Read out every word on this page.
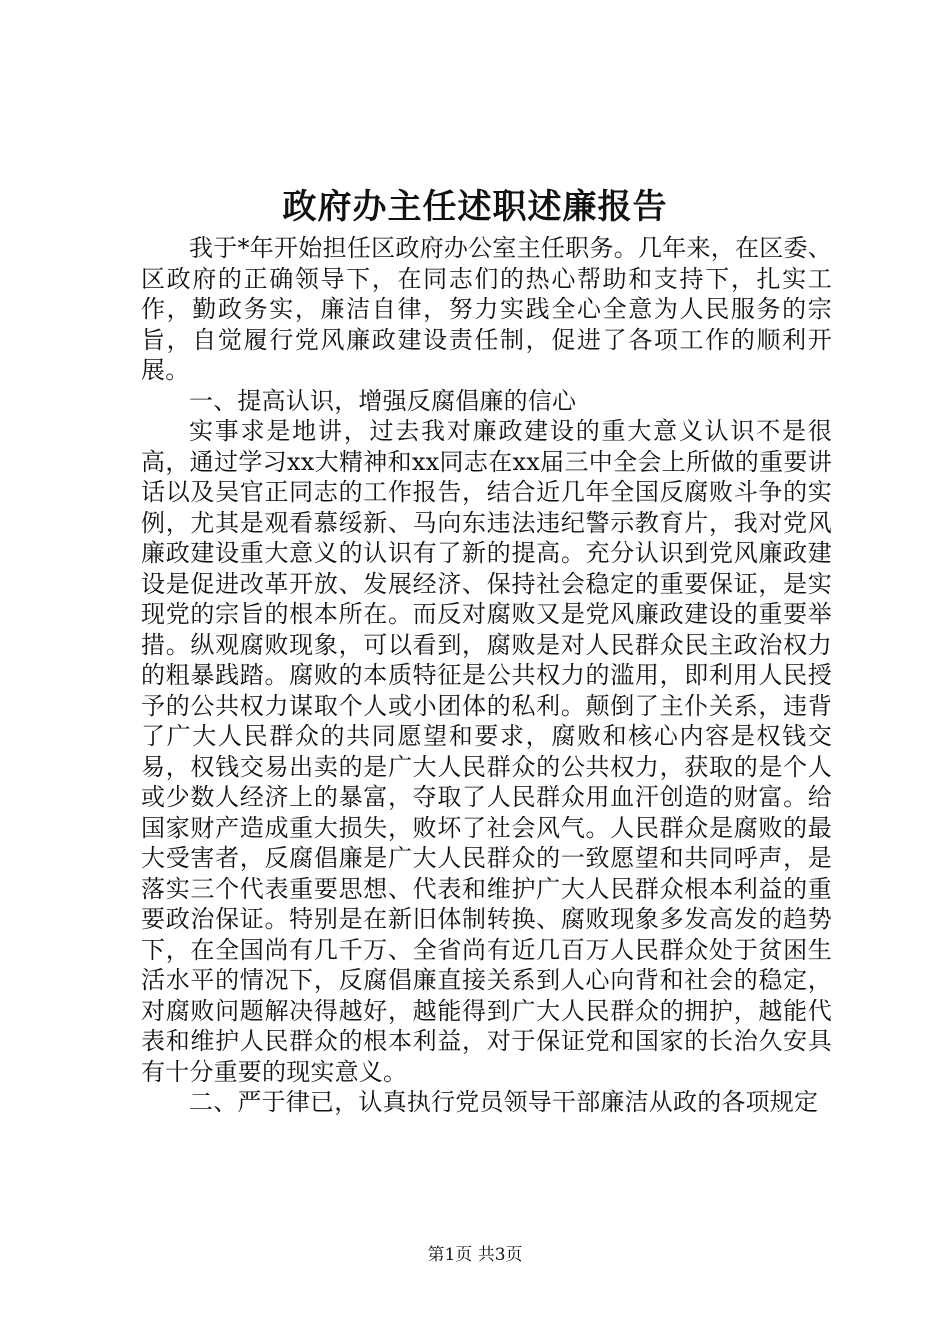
政府办主任述职述廉报告

我于*年开始担任区政府办公室主任职务。几年来，在区委、区政府的正确领导下，在同志们的热心帮助和支持下，扎实工作，勤政务实，廉洁自律，努力实践全心全意为人民服务的宗旨，自觉履行党风廉政建设责任制，促进了各项工作的顺利开展。

一、提高认识，增强反腐倡廉的信心

实事求是地讲，过去我对廉政建设的重大意义认识不是很高，通过学习xx大精神和xx同志在xx届三中全会上所做的重要讲话以及吴官正同志的工作报告，结合近几年全国反腐败斗争的实例，尤其是观看慕绥新、马向东违法违纪警示教育片，我对党风廉政建设重大意义的认识有了新的提高。充分认识到党风廉政建设是促进改革开放、发展经济、保持社会稳定的重要保证，是实现党的宗旨的根本所在。而反对腐败又是党风廉政建设的重要举措。纵观腐败现象，可以看到，腐败是对人民群众民主政治权力的粗暴践踏。腐败的本质特征是公共权力的滥用，即利用人民授予的公共权力谋取个人或小团体的私利。颠倒了主仆关系，违背了广大人民群众的共同愿望和要求，腐败和核心内容是权钱交易，权钱交易出卖的是广大人民群众的公共权力，获取的是个人或少数人经济上的暴富，夺取了人民群众用血汗创造的财富。给国家财产造成重大损失，败坏了社会风气。人民群众是腐败的最大受害者，反腐倡廉是广大人民群众的一致愿望和共同呼声，是落实三个代表重要思想、代表和维护广大人民群众根本利益的重要政治保证。特别是在新旧体制转换、腐败现象多发高发的趋势下，在全国尚有几千万、全省尚有近几百万人民群众处于贫困生活水平的情况下，反腐倡廉直接关系到人心向背和社会的稳定，对腐败问题解决得越好，越能得到广大人民群众的拥护，越能代表和维护人民群众的根本利益，对于保证党和国家的长治久安具有十分重要的现实意义。

二、严于律已，认真执行党员领导干部廉洁从政的各项规定

第1页 共3页
